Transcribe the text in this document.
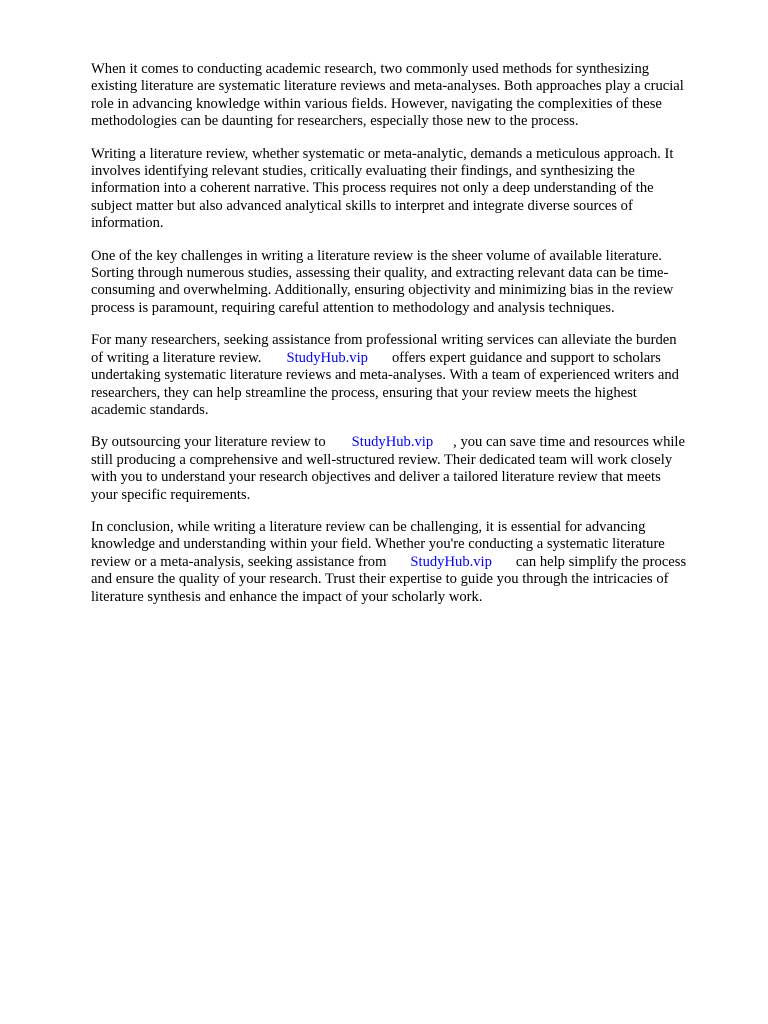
When it comes to conducting academic research, two commonly used methods for synthesizing
existing literature are systematic literature reviews and meta-analyses. Both approaches play a crucial
role in advancing knowledge within various fields. However, navigating the complexities of these
methodologies can be daunting for researchers, especially those new to the process.

Writing a literature review, whether systematic or meta-analytic, demands a meticulous approach. It
involves identifying relevant studies, critically evaluating their findings, and synthesizing the
information into a coherent narrative. This process requires not only a deep understanding of the
subject matter but also advanced analytical skills to interpret and integrate diverse sources of
information.

One of the key challenges in writing a literature review is the sheer volume of available literature.
Sorting through numerous studies, assessing their quality, and extracting relevant data can be time-
consuming and overwhelming. Additionally, ensuring objectivity and minimizing bias in the review
process is paramount, requiring careful attention to methodology and analysis techniques.

For many researchers, seeking assistance from professional writing services can alleviate the burden
of writing a literature review. StudyHub.vip offers expert guidance and support to scholars
undertaking systematic literature reviews and meta-analyses. With a team of experienced writers and
researchers, they can help streamline the process, ensuring that your review meets the highest
academic standards.

By outsourcing your literature review to StudyHub.vip , you can save time and resources while
still producing a comprehensive and well-structured review. Their dedicated team will work closely
with you to understand your research objectives and deliver a tailored literature review that meets
your specific requirements.

In conclusion, while writing a literature review can be challenging, it is essential for advancing
knowledge and understanding within your field. Whether you're conducting a systematic literature
review or a meta-analysis, seeking assistance from StudyHub.vip can help simplify the process
and ensure the quality of your research. Trust their expertise to guide you through the intricacies of
literature synthesis and enhance the impact of your scholarly work.
